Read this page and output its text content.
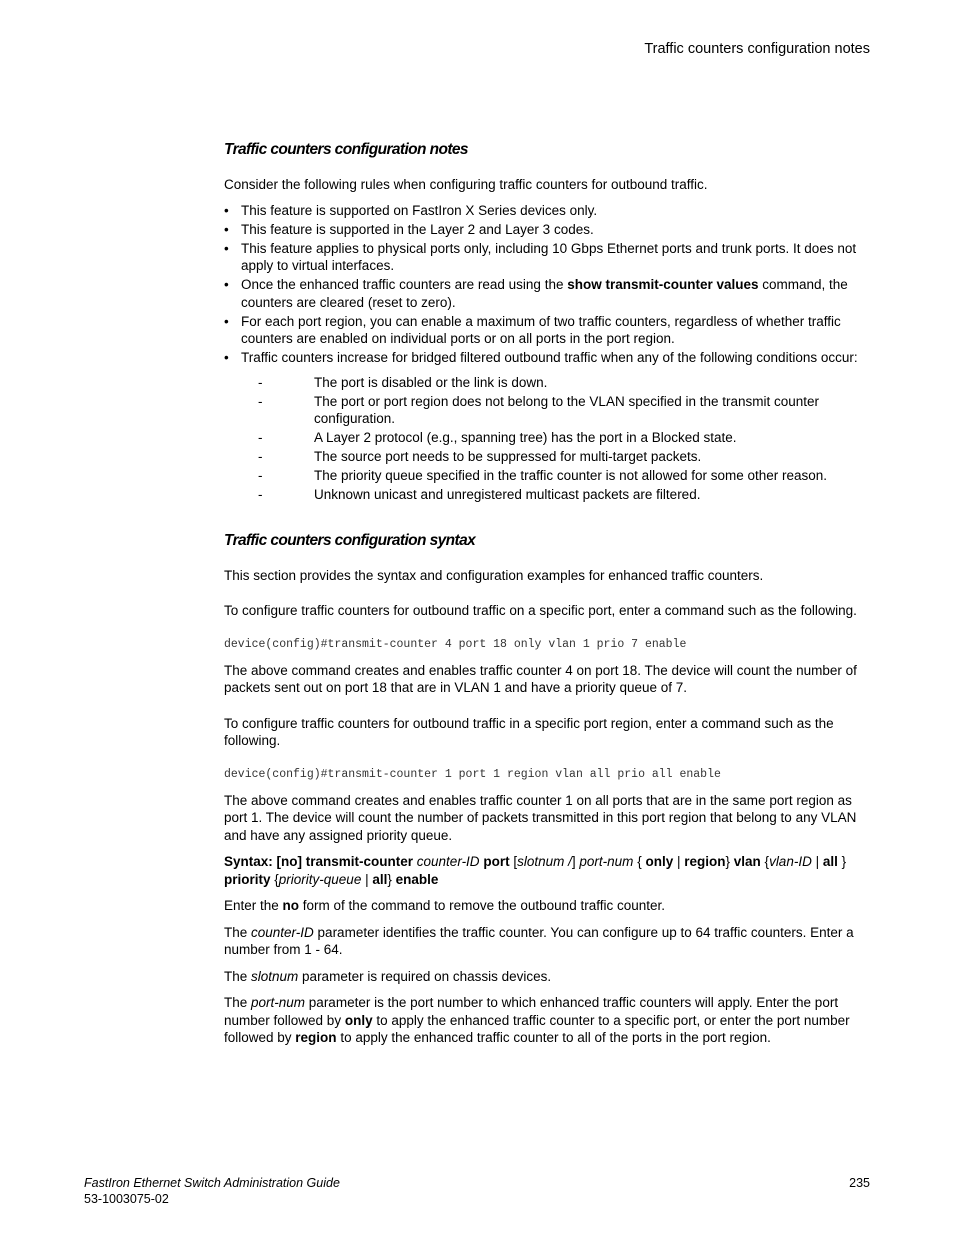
Traffic counters configuration notes
Traffic counters configuration notes

Consider the following rules when configuring traffic counters for outbound traffic.

• This feature is supported on FastIron X Series devices only.
• This feature is supported in the Layer 2 and Layer 3 codes.
• This feature applies to physical ports only, including 10 Gbps Ethernet ports and trunk ports. It does not apply to virtual interfaces.
• Once the enhanced traffic counters are read using the show transmit-counter values command, the counters are cleared (reset to zero).
• For each port region, you can enable a maximum of two traffic counters, regardless of whether traffic counters are enabled on individual ports or on all ports in the port region.
• Traffic counters increase for bridged filtered outbound traffic when any of the following conditions occur:
- The port is disabled or the link is down.
- The port or port region does not belong to the VLAN specified in the transmit counter configuration.
- A Layer 2 protocol (e.g., spanning tree) has the port in a Blocked state.
- The source port needs to be suppressed for multi-target packets.
- The priority queue specified in the traffic counter is not allowed for some other reason.
- Unknown unicast and unregistered multicast packets are filtered.
Traffic counters configuration syntax

This section provides the syntax and configuration examples for enhanced traffic counters.

To configure traffic counters for outbound traffic on a specific port, enter a command such as the following.

device(config)#transmit-counter 4 port 18 only vlan 1 prio 7 enable

The above command creates and enables traffic counter 4 on port 18. The device will count the number of packets sent out on port 18 that are in VLAN 1 and have a priority queue of 7.

To configure traffic counters for outbound traffic in a specific port region, enter a command such as the following.

device(config)#transmit-counter 1 port 1 region vlan all prio all enable

The above command creates and enables traffic counter 1 on all ports that are in the same port region as port 1. The device will count the number of packets transmitted in this port region that belong to any VLAN and have any assigned priority queue.

Syntax: [no] transmit-counter counter-ID port [slotnum /] port-num { only | region} vlan {vlan-ID | all } priority {priority-queue | all} enable

Enter the no form of the command to remove the outbound traffic counter.

The counter-ID parameter identifies the traffic counter. You can configure up to 64 traffic counters. Enter a number from 1 - 64.

The slotnum parameter is required on chassis devices.

The port-num parameter is the port number to which enhanced traffic counters will apply. Enter the port number followed by only to apply the enhanced traffic counter to a specific port, or enter the port number followed by region to apply the enhanced traffic counter to all of the ports in the port region.

FastIron Ethernet Switch Administration Guide
53-1003075-02
235
